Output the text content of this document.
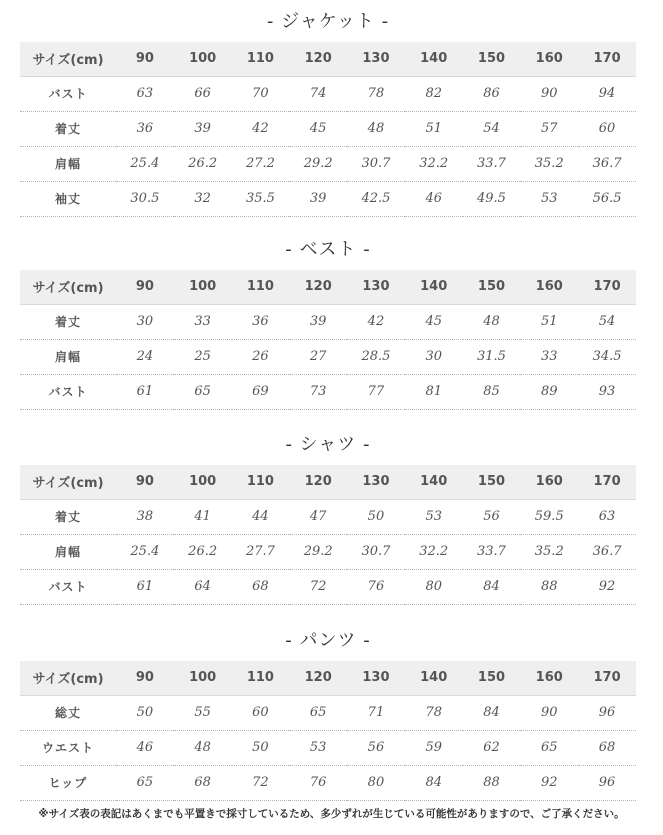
- ジャケット -
サイズ(cm)	90	100	110	120	130	140	150	160	170
バスト	63	66	70	74	78	82	86	90	94
着丈	36	39	42	45	48	51	54	57	60
肩幅	25.4	26.2	27.2	29.2	30.7	32.2	33.7	35.2	36.7
袖丈	30.5	32	35.5	39	42.5	46	49.5	53	56.5
- ベスト -
サイズ(cm)	90	100	110	120	130	140	150	160	170
着丈	30	33	36	39	42	45	48	51	54
肩幅	24	25	26	27	28.5	30	31.5	33	34.5
バスト	61	65	69	73	77	81	85	89	93
- シャツ -
サイズ(cm)	90	100	110	120	130	140	150	160	170
着丈	38	41	44	47	50	53	56	59.5	63
肩幅	25.4	26.2	27.7	29.2	30.7	32.2	33.7	35.2	36.7
バスト	61	64	68	72	76	80	84	88	92
- パンツ -
サイズ(cm)	90	100	110	120	130	140	150	160	170
総丈	50	55	60	65	71	78	84	90	96
ウエスト	46	48	50	53	56	59	62	65	68
ヒップ	65	68	72	76	80	84	88	92	96
※サイズ表の表記はあくまでも平置きで採寸しているため、多少ずれが生じている可能性がありますので、ご了承ください。
